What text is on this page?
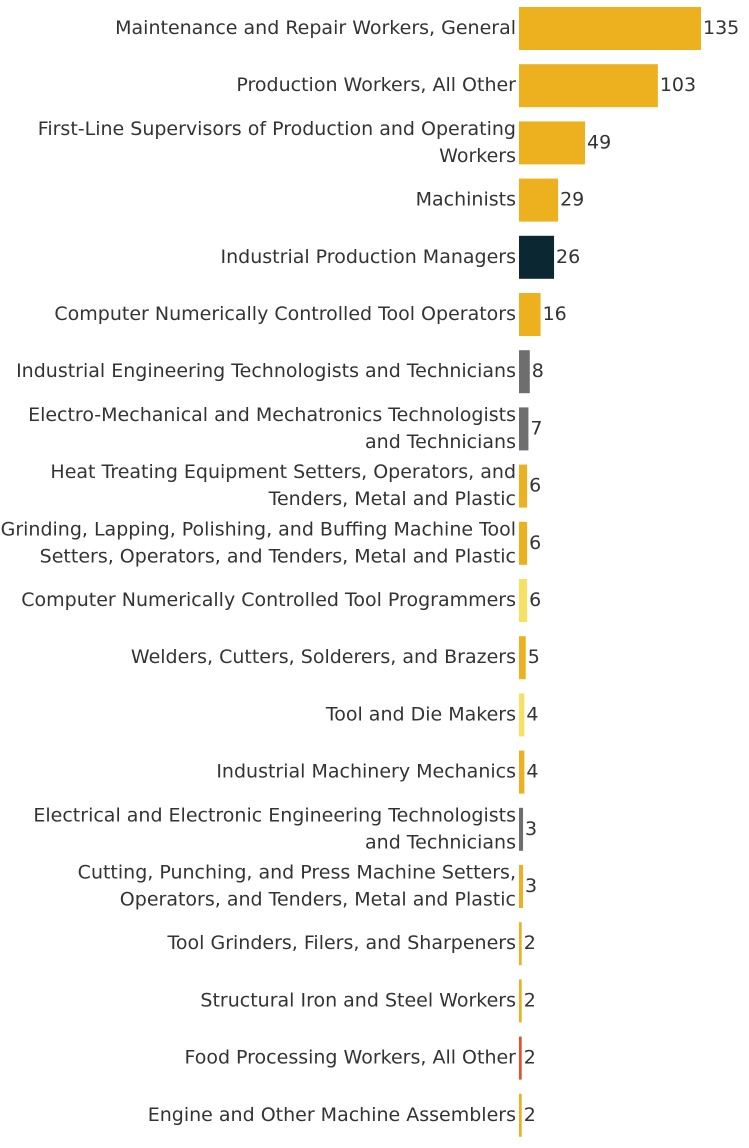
Maintenance and Repair Workers, General	135
Production Workers, All Other	103
First-Line Supervisors of Production and Operating Workers
49
Machinists 29
Industrial Production Managers 26
Computer Numerically Controlled Tool Operators 16
Industrial Engineering Technologists and Technicians 8
Electro-Mechanical and Mechatronics Technologists and Technicians
7
Heat Treating Equipment Setters, Operators, and Tenders, Metal and Plastic
6
Grinding, Lapping, Polishing, and Buffing Machine Tool Setters, Operators, and Tenders, Metal and Plastic
6
Computer Numerically Controlled Tool Programmers 6
Welders, Cutters, Solderers, and Brazers 5
Tool and Die Makers 4
Industrial Machinery Mechanics 4
Electrical and Electronic Engineering Technologists and Technicians
3
Cutting, Punching, and Press Machine Setters, Operators, and Tenders, Metal and Plastic
3
Tool Grinders, Filers, and Sharpeners 2
Structural Iron and Steel Workers 2
Food Processing Workers, All Other 2
Engine and Other Machine Assemblers 2
